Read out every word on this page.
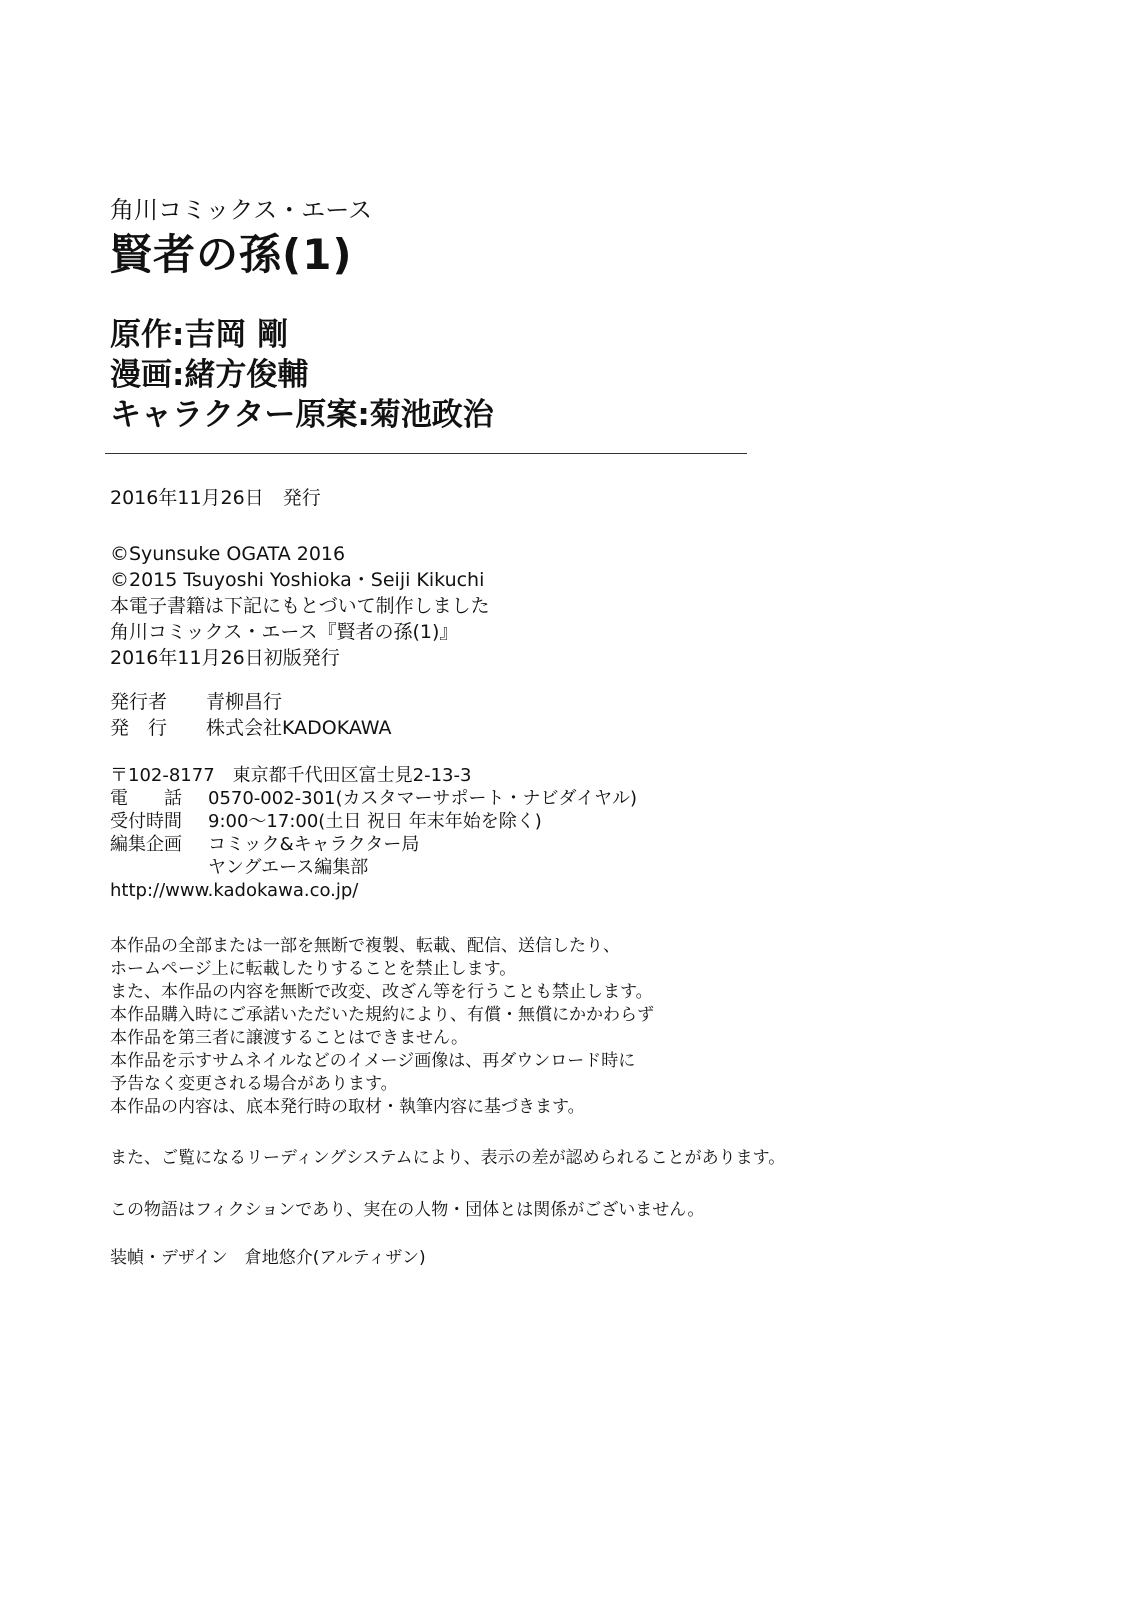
角川コミックス・エース
賢者の孫(1)
原作:吉岡 剛
漫画:緒方俊輔
キャラクター原案:菊池政治
2016年11月26日　発行
©Syunsuke OGATA 2016
©2015 Tsuyoshi Yoshioka・Seiji Kikuchi
本電子書籍は下記にもとづいて制作しました
角川コミックス・エース『賢者の孫(1)』
2016年11月26日初版発行
発行者	青柳昌行
発　行	株式会社KADOKAWA
〒102-8177　東京都千代田区富士見2-13-3
電　　話	0570-002-301(カスタマーサポート・ナビダイヤル)
受付時間	9:00～17:00(土日 祝日 年末年始を除く)
編集企画	コミック&キャラクター局
ヤングエース編集部
http://www.kadokawa.co.jp/
本作品の全部または一部を無断で複製、転載、配信、送信したり、
ホームページ上に転載したりすることを禁止します。
また、本作品の内容を無断で改変、改ざん等を行うことも禁止します。
本作品購入時にご承諾いただいた規約により、有償・無償にかかわらず
本作品を第三者に譲渡することはできません。
本作品を示すサムネイルなどのイメージ画像は、再ダウンロード時に
予告なく変更される場合があります。
本作品の内容は、底本発行時の取材・執筆内容に基づきます。
また、ご覧になるリーディングシステムにより、表示の差が認められることがあります。
この物語はフィクションであり、実在の人物・団体とは関係がございません。
装幀・デザイン　倉地悠介(アルティザン)
